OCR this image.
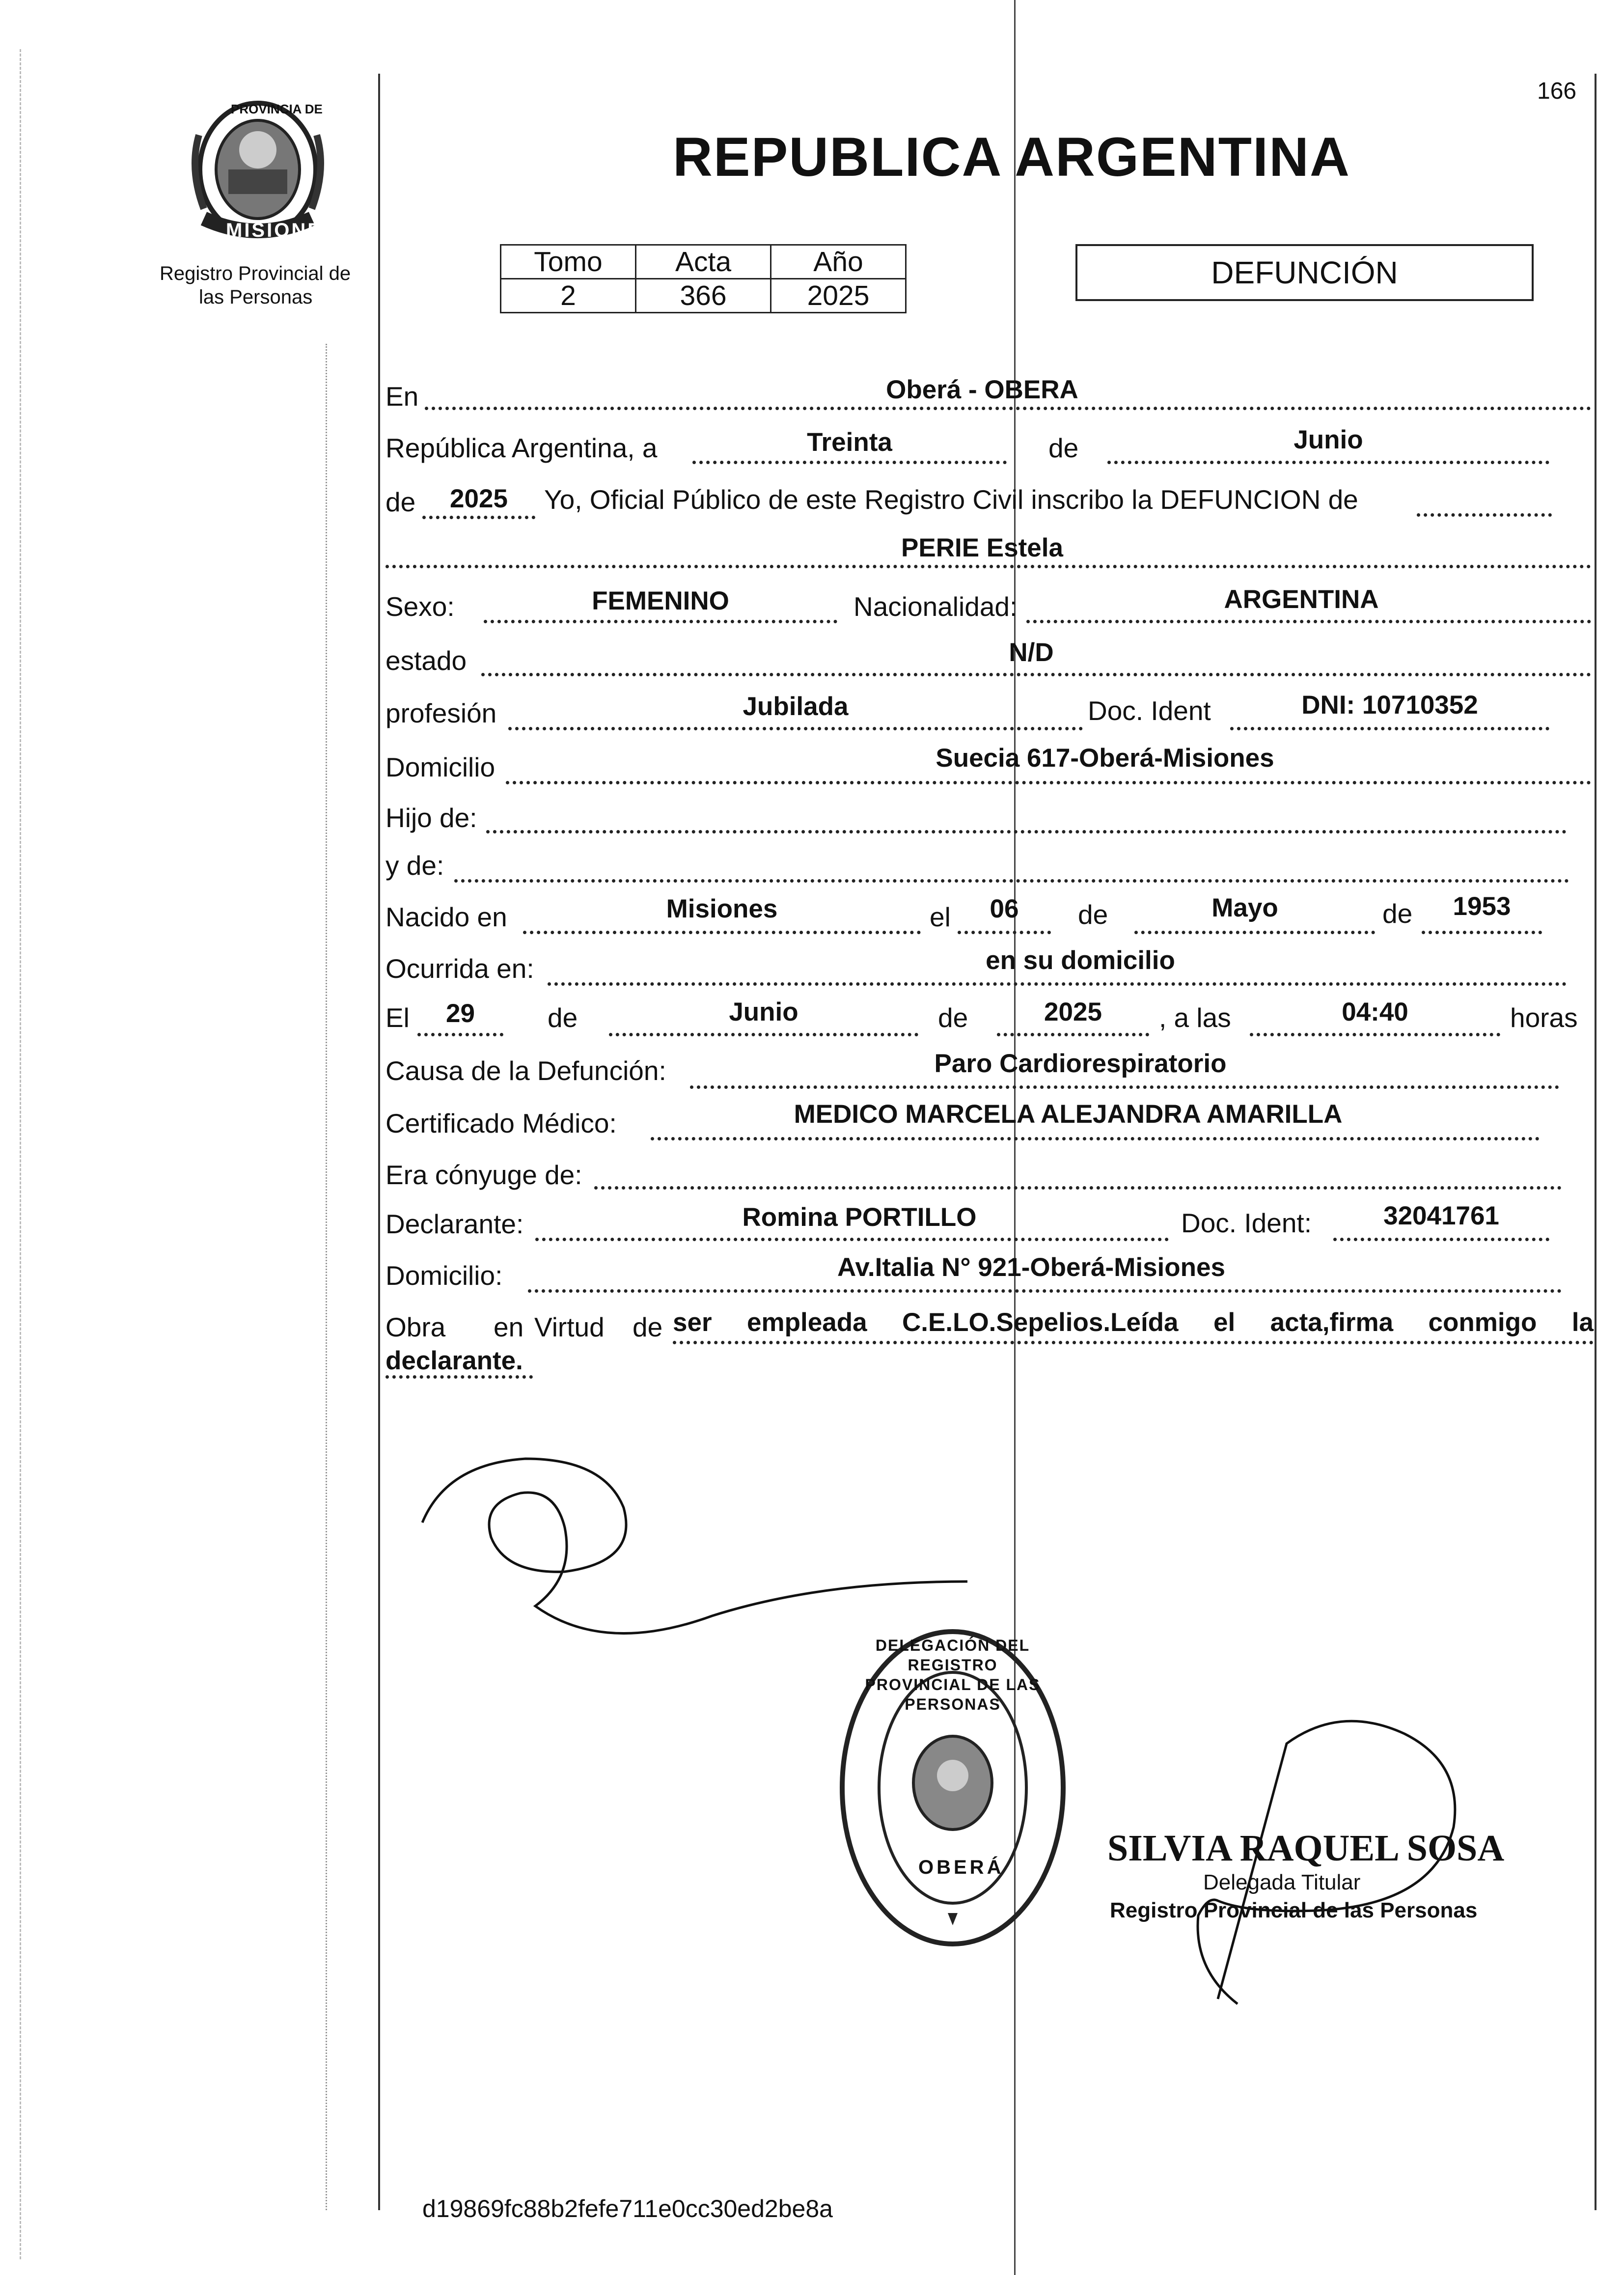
166
PROVINCIA DE
MISIONES
Registro Provincial de
las Personas
REPUBLICA ARGENTINA
Tomo	Acta	Año
2	366	2025
DEFUNCIÓN
En	Oberá - OBERA
República Argentina, a	Treinta	de	Junio
de	2025	Yo, Oficial Público de este Registro Civil inscribo la DEFUNCION de
PERIE Estela
Sexo:	FEMENINO	Nacionalidad:	ARGENTINA
estado	N/D
profesión	Jubilada	Doc. Ident	DNI: 10710352
Domicilio	Suecia 617-Oberá-Misiones
Hijo de:
y de:
Nacido en	Misiones	el	06	de	Mayo	de	1953
Ocurrida en:	en su domicilio
El	29	de	Junio	de	2025	, a las	04:40	horas
Causa de la Defunción:	Paro Cardiorespiratorio
Certificado Médico:	MEDICO MARCELA ALEJANDRA AMARILLA
Era cónyuge de:
Declarante:	Romina PORTILLO	Doc. Ident:	32041761
Domicilio:	Av.Italia N° 921-Oberá-Misiones
Obra en Virtud de ser empleada C.E.LO.Sepelios.Leída el acta,firma conmigo la
declarante.
DELEGACIÓN DEL REGISTRO PROVINCIAL DE LAS PERSONAS
OBERÁ	SILVIA RAQUEL SOSA
Delegada Titular
Registro Provincial de las Personas
d19869fc88b2fefe711e0cc30ed2be8a
